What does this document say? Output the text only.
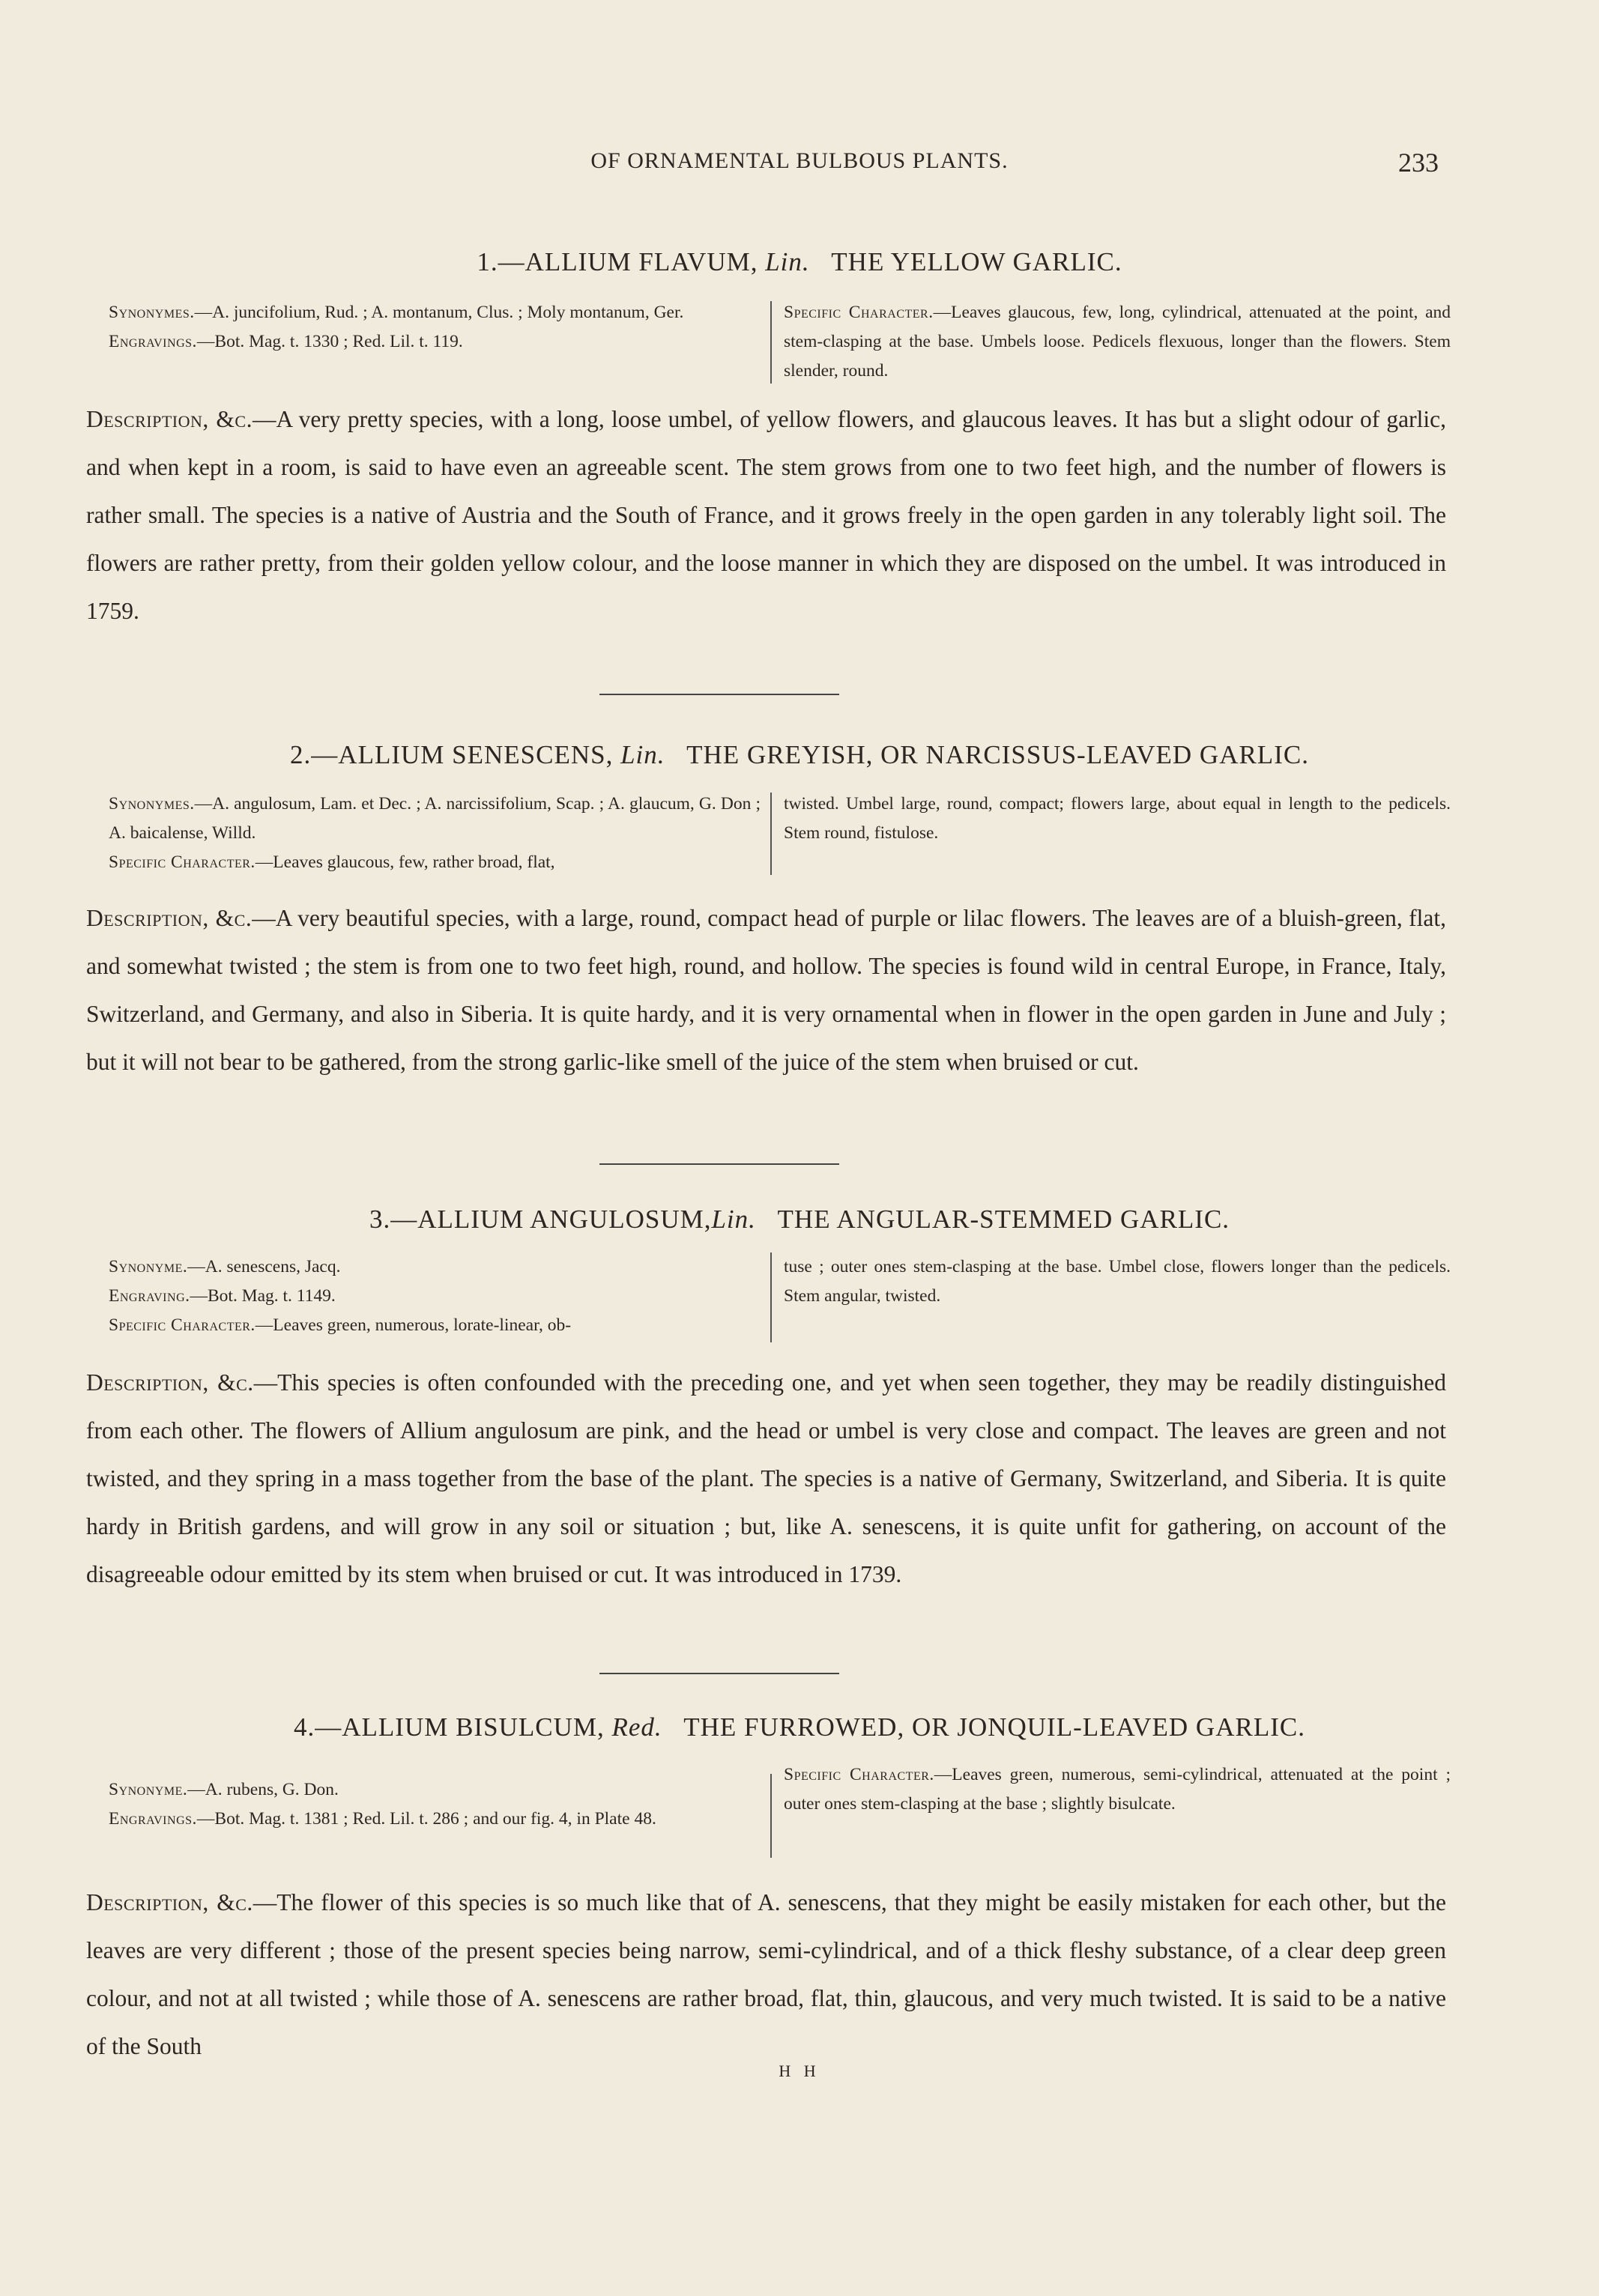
OF ORNAMENTAL BULBOUS PLANTS.	233
1.—ALLIUM FLAVUM, Lin. THE YELLOW GARLIC.
Synonymes.—A. juncifolium, Rud. ; A. montanum, Clus. ; Moly montanum, Ger.
Engravings.—Bot. Mag. t. 1330 ; Red. Lil. t. 119.
Specific Character.—Leaves glaucous, few, long, cylindrical, attenuated at the point, and stem-clasping at the base. Umbels loose. Pedicels flexuous, longer than the flowers. Stem slender, round.
Description, &c.—A very pretty species, with a long, loose umbel, of yellow flowers, and glaucous leaves. It has but a slight odour of garlic, and when kept in a room, is said to have even an agreeable scent. The stem grows from one to two feet high, and the number of flowers is rather small. The species is a native of Austria and the South of France, and it grows freely in the open garden in any tolerably light soil. The flowers are rather pretty, from their golden yellow colour, and the loose manner in which they are disposed on the umbel. It was introduced in 1759.
2.—ALLIUM SENESCENS, Lin. THE GREYISH, OR NARCISSUS-LEAVED GARLIC.
Synonymes.—A. angulosum, Lam. et Dec. ; A. narcissifolium, Scap. ; A. glaucum, G. Don ; A. baicalense, Willd.
Specific Character.—Leaves glaucous, few, rather broad, flat,
twisted. Umbel large, round, compact; flowers large, about equal in length to the pedicels. Stem round, fistulose.
Description, &c.—A very beautiful species, with a large, round, compact head of purple or lilac flowers. The leaves are of a bluish-green, flat, and somewhat twisted ; the stem is from one to two feet high, round, and hollow. The species is found wild in central Europe, in France, Italy, Switzerland, and Germany, and also in Siberia. It is quite hardy, and it is very ornamental when in flower in the open garden in June and July ; but it will not bear to be gathered, from the strong garlic-like smell of the juice of the stem when bruised or cut.
3.—ALLIUM ANGULOSUM,Lin. THE ANGULAR-STEMMED GARLIC.
Synonyme.—A. senescens, Jacq.
Engraving.—Bot. Mag. t. 1149.
Specific Character.—Leaves green, numerous, lorate-linear, ob-
tuse ; outer ones stem-clasping at the base. Umbel close, flowers longer than the pedicels. Stem angular, twisted.
Description, &c.—This species is often confounded with the preceding one, and yet when seen together, they may be readily distinguished from each other. The flowers of Allium angulosum are pink, and the head or umbel is very close and compact. The leaves are green and not twisted, and they spring in a mass together from the base of the plant. The species is a native of Germany, Switzerland, and Siberia. It is quite hardy in British gardens, and will grow in any soil or situation ; but, like A. senescens, it is quite unfit for gathering, on account of the disagreeable odour emitted by its stem when bruised or cut. It was introduced in 1739.
4.—ALLIUM BISULCUM, Red. THE FURROWED, OR JONQUIL-LEAVED GARLIC.
Synonyme.—A. rubens, G. Don.
Engravings.—Bot. Mag. t. 1381 ; Red. Lil. t. 286 ; and our fig. 4, in Plate 48.
Specific Character.—Leaves green, numerous, semi-cylindrical, attenuated at the point ; outer ones stem-clasping at the base ; slightly bisulcate.
Description, &c.—The flower of this species is so much like that of A. senescens, that they might be easily mistaken for each other, but the leaves are very different ; those of the present species being narrow, semi-cylindrical, and of a thick fleshy substance, of a clear deep green colour, and not at all twisted ; while those of A. senescens are rather broad, flat, thin, glaucous, and very much twisted. It is said to be a native of the South
H H
